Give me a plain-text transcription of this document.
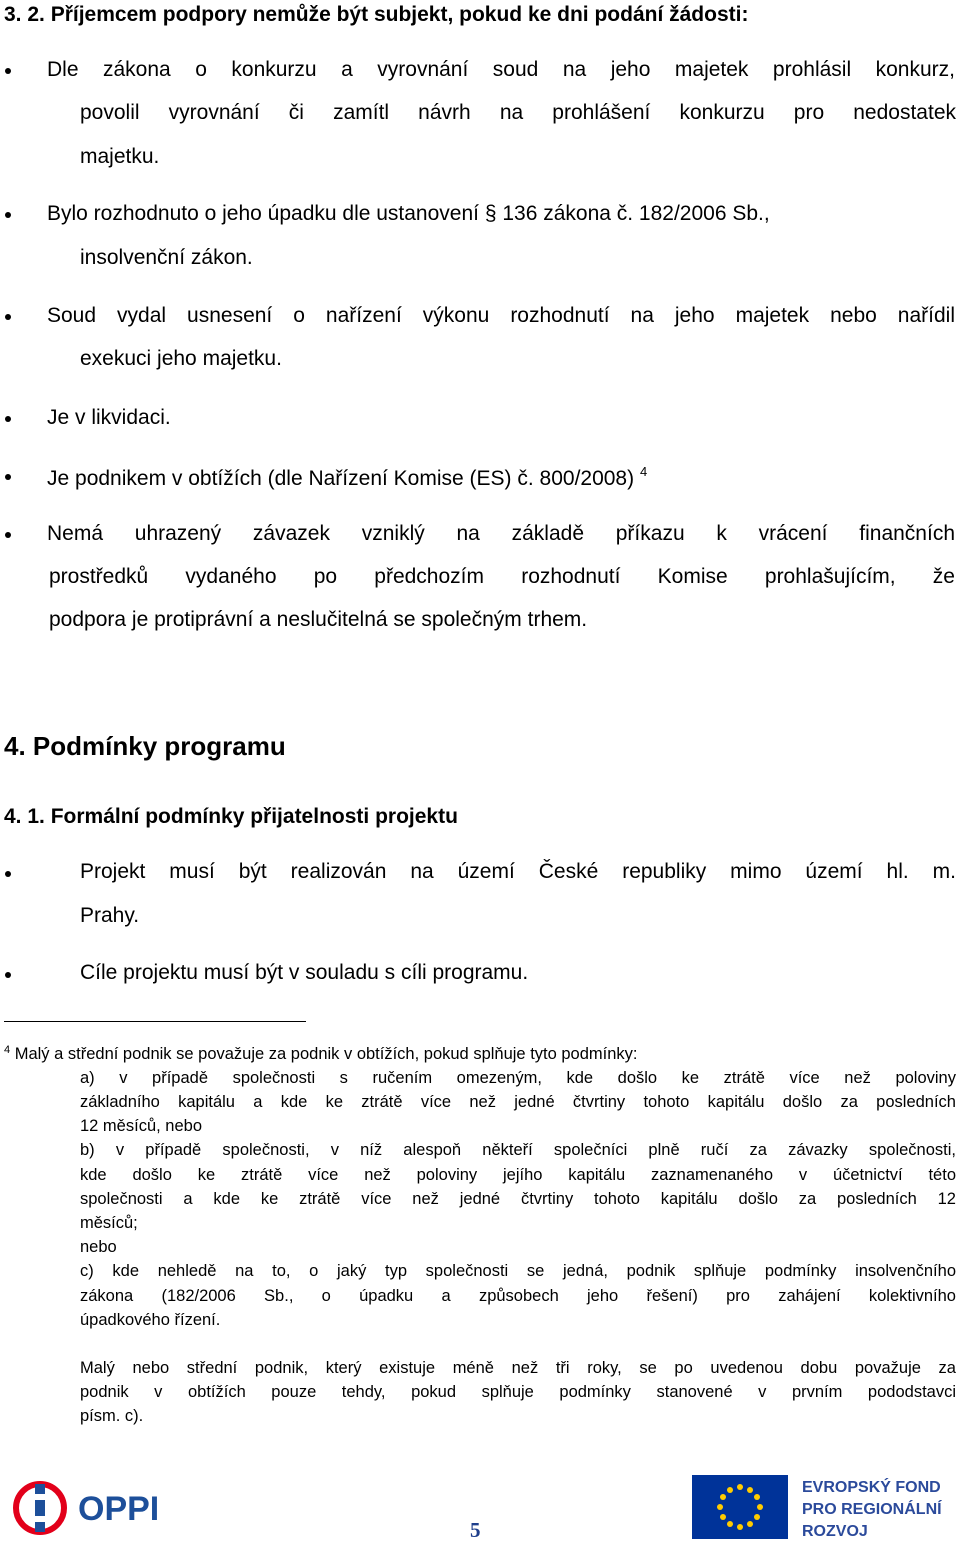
3. 2. Příjemcem podpory nemůže být subjekt, pokud ke dni podání žádosti:
Dle zákona o konkurzu a vyrovnání soud na jeho majetek prohlásil konkurz,
povolil vyrovnání či zamítl návrh na prohlášení konkurzu pro nedostatek
majetku.
Bylo rozhodnuto o jeho úpadku dle ustanovení § 136 zákona č. 182/2006 Sb.,
insolvenční zákon.
Soud vydal usnesení o nařízení výkonu rozhodnutí na jeho majetek nebo nařídil
exekuci jeho majetku.
Je v likvidaci.
Je podnikem v obtížích (dle Nařízení Komise (ES) č. 800/2008) $^4$
Nemá uhrazený závazek vzniklý na základě příkazu k vrácení finančních
prostředků vydaného po předchozím rozhodnutí Komise prohlašujícím, že
podpora je protiprávní a neslučitelná se společným trhem.
4. Podmínky programu
4. 1. Formální podmínky přijatelnosti projektu
Projekt musí být realizován na území České republiky mimo území hl. m.
Prahy.
Cíle projektu musí být v souladu s cíli programu.
$^4$ Malý a střední podnik se považuje za podnik v obtížích, pokud splňuje tyto podmínky:
a) v případě společnosti s ručením omezeným, kde došlo ke ztrátě více než poloviny
základního kapitálu a kde ke ztrátě více než jedné čtvrtiny tohoto kapitálu došlo za posledních
12 měsíců, nebo
b) v případě společnosti, v níž alespoň někteří společníci plně ručí za závazky společnosti,
kde došlo ke ztrátě více než poloviny jejího kapitálu zaznamenaného v účetnictví této
společnosti a kde ke ztrátě více než jedné čtvrtiny tohoto kapitálu došlo za posledních 12
měsíců;
nebo
c) kde nehledě na to, o jaký typ společnosti se jedná, podnik splňuje podmínky insolvenčního
zákona (182/2006 Sb., o úpadku a způsobech jeho řešení) pro zahájení kolektivního
úpadkového řízení.
Malý nebo střední podnik, který existuje méně než tři roky, se po uvedenou dobu považuje za
podnik v obtížích pouze tehdy, pokud splňuje podmínky stanovené v prvním pododstavci
písm. c).
OPPI
5
EVROPSKÝ FOND
PRO REGIONÁLNÍ
ROZVOJ
